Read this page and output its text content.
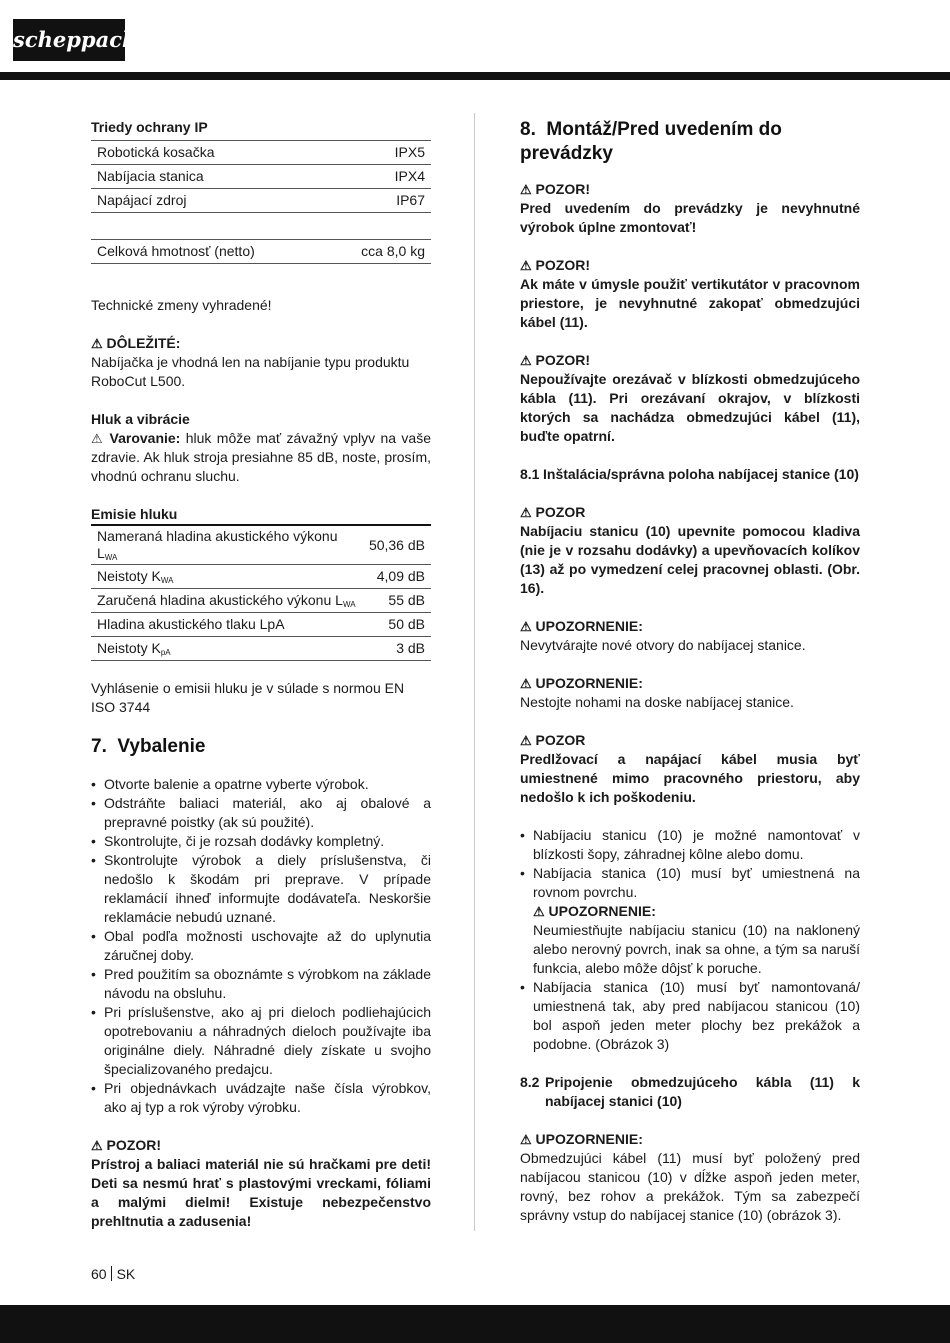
scheppach

Triedy ochrany IP

Robotická kosačka	IPX5
Nabíjacia stanica	IPX4
Napájací zdroj	IP67
Celková hmotnosť (netto)	cca 8,0 kg

Technické zmeny vyhradené!

⚠ DÔLEŽITÉ:

Nabíjačka je vhodná len na nabíjanie typu produktu RoboCut L500.

Hluk a vibrácie

⚠ Varovanie: hluk môže mať závažný vplyv na vaše zdravie. Ak hluk stroja presiahne 85 dB, noste, prosím, vhodnú ochranu sluchu.

Emisie hluku

Nameraná hladina akustického výkonu $L_{WA}$	50,36 dB
Neistoty $K_{WA}$	4,09 dB
Zaručená hladina akustického výkonu $L_{WA}$	55 dB
Hladina akustického tlaku LpA	50 dB
Neistoty $K_{pA}$	3 dB

Vyhlásenie o emisii hluku je v súlade s normou EN ISO 3744

7. Vybalenie

• Otvorte balenie a opatrne vyberte výrobok.
• Odstráňte baliaci materiál, ako aj obalové a prepravné poistky (ak sú použité).
• Skontrolujte, či je rozsah dodávky kompletný.
• Skontrolujte výrobok a diely príslušenstva, či nedošlo k škodám pri preprave. V prípade reklamácií ihneď informujte dodávateľa. Neskoršie reklamácie nebudú uznané.
• Obal podľa možnosti uschovajte až do uplynutia záručnej doby.
• Pred použitím sa oboznámte s výrobkom na základe návodu na obsluhu.
• Pri príslušenstve, ako aj pri dieloch podliehajúcich opotrebovaniu a náhradných dieloch používajte iba originálne diely. Náhradné diely získate u svojho špecializovaného predajcu.
• Pri objednávkach uvádzajte naše čísla výrobkov, ako aj typ a rok výroby výrobku.

⚠ POZOR!

Prístroj a baliaci materiál nie sú hračkami pre deti! Deti sa nesmú hrať s plastovými vreckami, fóliami a malými dielmi! Existuje nebezpečenstvo prehltnutia a zadusenia!

8. Montáž/Pred uvedením do prevádzky

⚠ POZOR!

Pred uvedením do prevádzky je nevyhnutné výrobok úplne zmontovať!

⚠ POZOR!

Ak máte v úmysle použiť vertikutátor v pracovnom priestore, je nevyhnutné zakopať obmedzujúci kábel (11).

⚠ POZOR!

Nepoužívajte orezávač v blízkosti obmedzujúceho kábla (11). Pri orezávaní okrajov, v blízkosti ktorých sa nachádza obmedzujúci kábel (11), buďte opatrní.

8.1 Inštalácia/správna poloha nabíjacej stanice (10)

⚠ POZOR

Nabíjaciu stanicu (10) upevnite pomocou kladiva (nie je v rozsahu dodávky) a upevňovacích kolíkov (13) až po vymedzení celej pracovnej oblasti. (Obr. 16).

⚠ UPOZORNENIE:

Nevytvárajte nové otvory do nabíjacej stanice.

⚠ UPOZORNENIE:

Nestojte nohami na doske nabíjacej stanice.

⚠ POZOR

Predlžovací a napájací kábel musia byť umiestnené mimo pracovného priestoru, aby nedošlo k ich poškodeniu.

• Nabíjaciu stanicu (10) je možné namontovať v blízkosti šopy, záhradnej kôlne alebo domu.
• Nabíjacia stanica (10) musí byť umiestnená na rovnom povrchu.

⚠ UPOZORNENIE:

Neumiestňujte nabíjaciu stanicu (10) na naklonený alebo nerovný povrch, inak sa ohne, a tým sa naruší funkcia, alebo môže dôjsť k poruche.

• Nabíjacia stanica (10) musí byť namontovaná/ umiestnená tak, aby pred nabíjacou stanicou (10) bol aspoň jeden meter plochy bez prekážok a podobne. (Obrázok 3)
8.2 Pripojenie obmedzujúceho kábla (11) k nabíjacej stanici (10)

⚠ UPOZORNENIE:

Obmedzujúci kábel (11) musí byť položený pred nabíjacou stanicou (10) v dĺžke aspoň jeden meter, rovný, bez rohov a prekážok. Tým sa zabezpečí správny vstup do nabíjacej stanice (10) (obrázok 3).

60 SK
